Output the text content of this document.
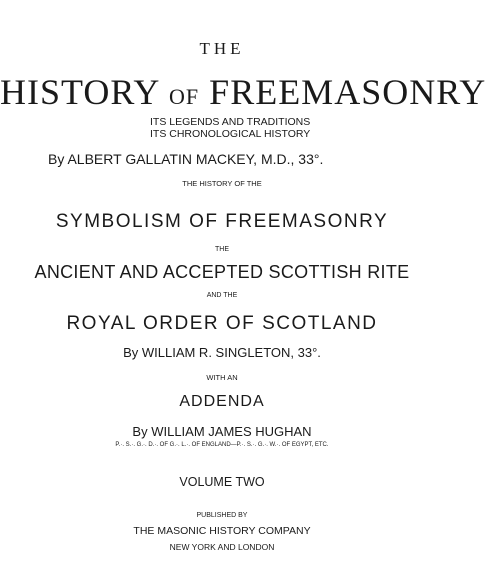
THE
HISTORY OF FREEMASONRY
ITS LEGENDS AND TRADITIONS
ITS CHRONOLOGICAL HISTORY
By ALBERT GALLATIN MACKEY, M.D., 33°.
THE HISTORY OF THE
SYMBOLISM OF FREEMASONRY
THE
ANCIENT AND ACCEPTED SCOTTISH RITE
AND THE
ROYAL ORDER OF SCOTLAND
By WILLIAM R. SINGLETON, 33°.
WITH AN
ADDENDA
By WILLIAM JAMES HUGHAN
P.·. S.·. G.·. D.·. OF G.·. L.·. OF ENGLAND—P.·. S.·. G.·. W.·. OF EGYPT, ETC.
VOLUME TWO
PUBLISHED BY
THE MASONIC HISTORY COMPANY
NEW YORK AND LONDON
